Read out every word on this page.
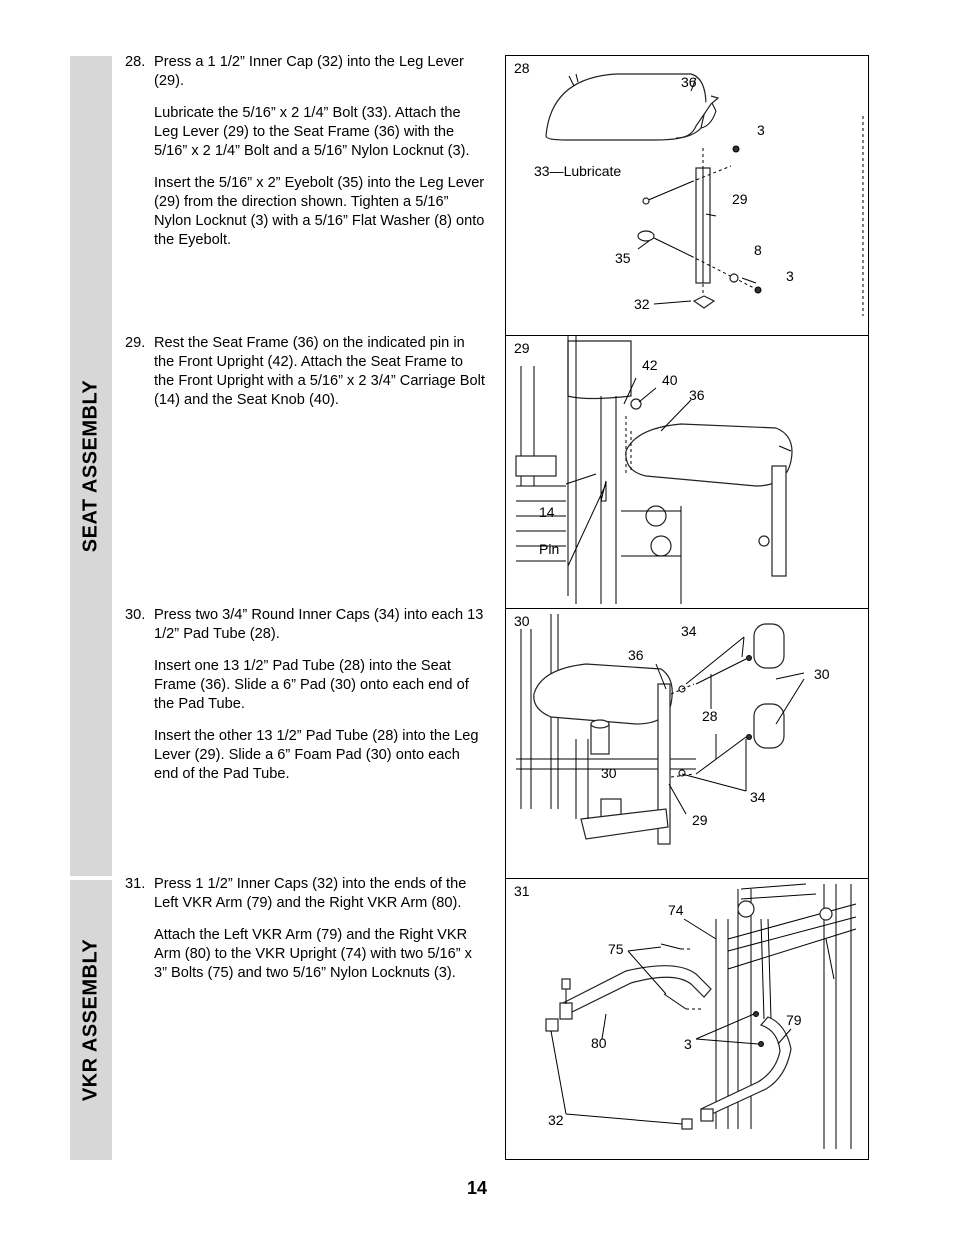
SEAT ASSEMBLY
VKR ASSEMBLY
28. Press a 1 1/2” Inner Cap (32) into the Leg Lever (29).

Lubricate the 5/16” x 2 1/4” Bolt (33). Attach the Leg Lever (29) to the Seat Frame (36) with the 5/16” x 2 1/4” Bolt and a 5/16” Nylon Locknut (3).

Insert the 5/16” x 2” Eyebolt (35) into the Leg Lever (29) from the direction shown. Tighten a 5/16” Nylon Locknut (3) with a 5/16” Flat Washer (8) onto the Eyebolt.

29. Rest the Seat Frame (36) on the indicated pin in the Front Upright (42). Attach the Seat Frame to the Front Upright with a 5/16” x 2 3/4” Carriage Bolt (14) and the Seat Knob (40).

30. Press two 3/4” Round Inner Caps (34) into each 13 1/2” Pad Tube (28).

Insert one 13 1/2” Pad Tube (28) into the Seat Frame (36). Slide a 6” Pad (30) onto each end of the Pad Tube.

Insert the other 13 1/2” Pad Tube (28) into the Leg Lever (29). Slide a 6” Foam Pad (30) onto each end of the Pad Tube.

31. Press 1 1/2” Inner Caps (32) into the ends of the Left VKR Arm (79) and the Right VKR Arm (80).

Attach the Left VKR Arm (79) and the Right VKR Arm (80) to the VKR Upright (74) with two 5/16” x 3” Bolts (75) and two 5/16” Nylon Locknuts (3).

28
36
3
33—Lubricate
29
35	8
3
32
29
42
40
36
14
Pin
30
34
36
30
28
30
34
29
31
74
75
79
80	3
32
14
